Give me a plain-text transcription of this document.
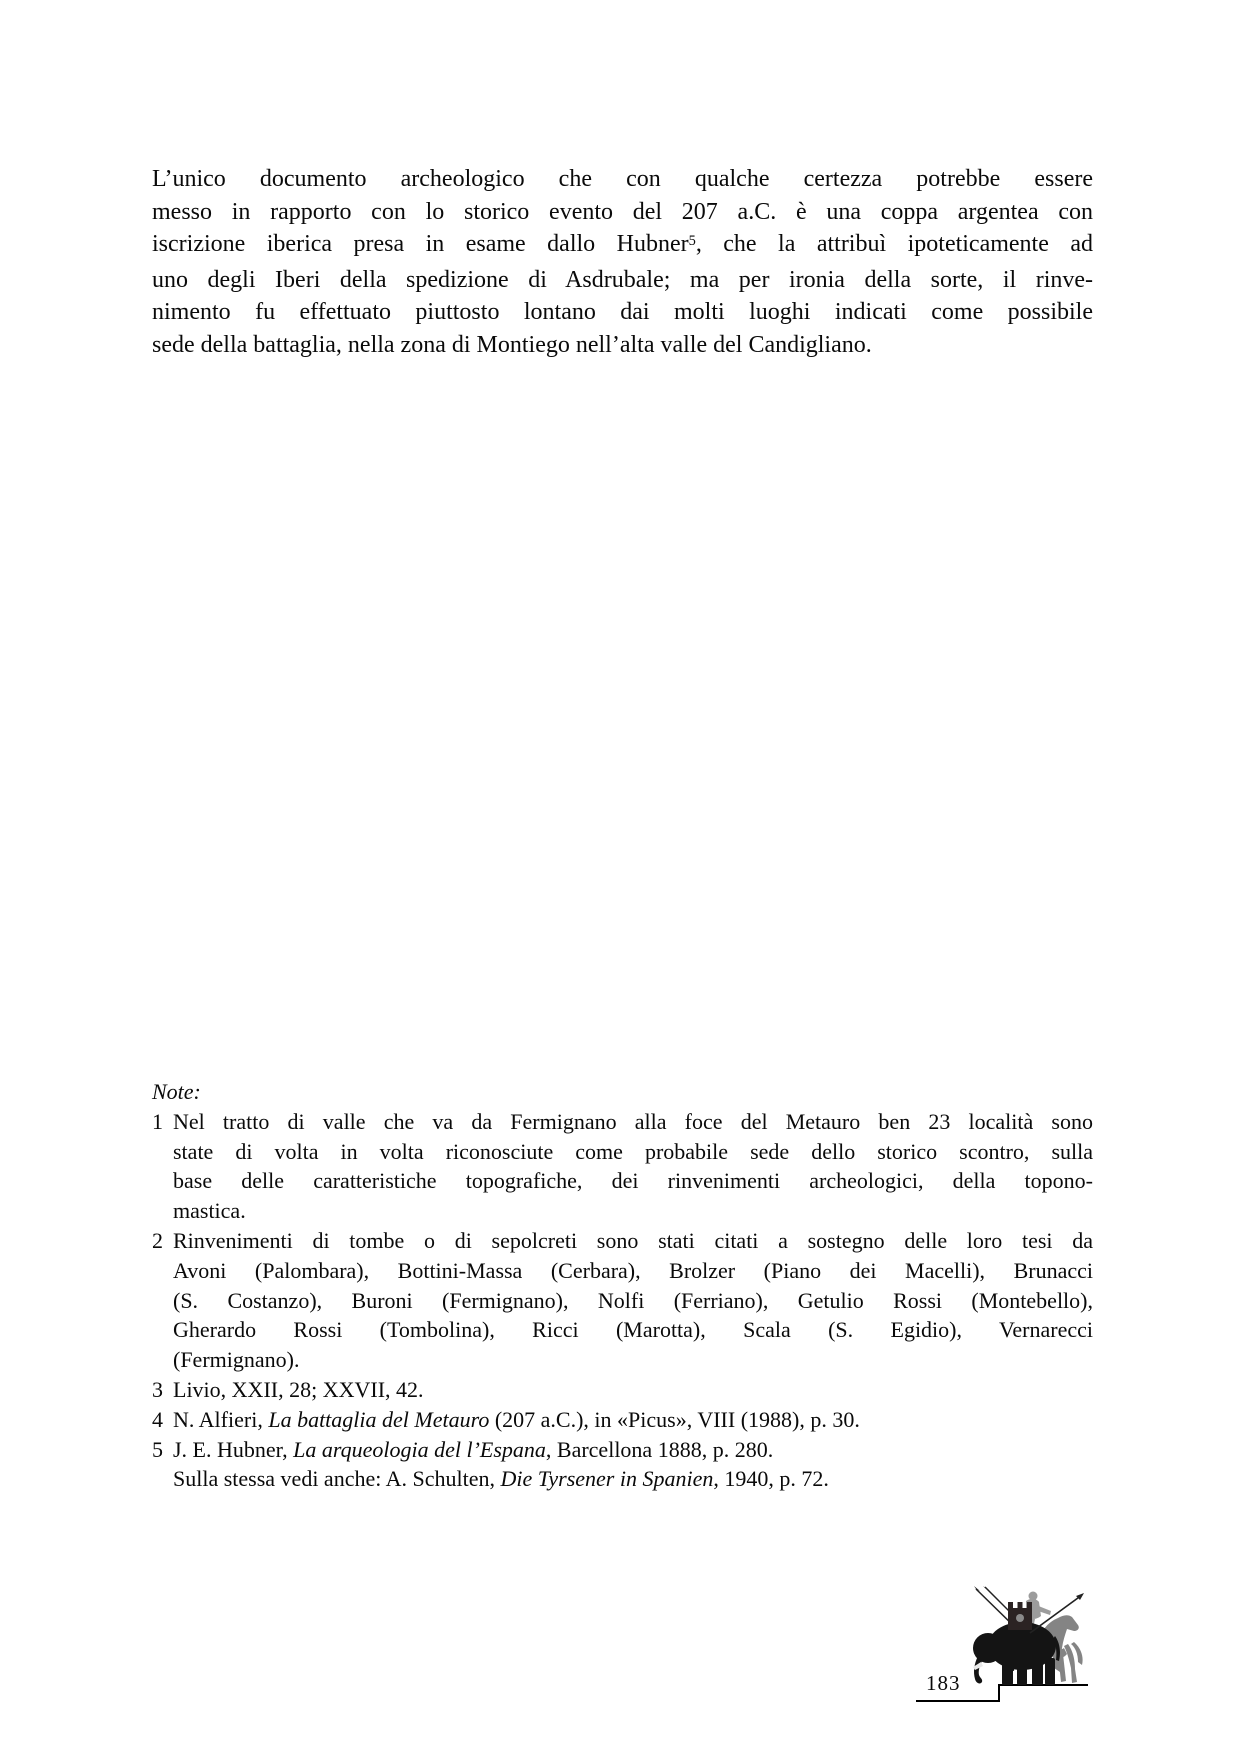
L’unico documento archeologico che con qualche certezza potrebbe essere
messo in rapporto con lo storico evento del 207 a.C. è una coppa argentea con
iscrizione iberica presa in esame dallo Hubner$^5$, che la attribuì ipoteticamente ad
uno degli Iberi della spedizione di Asdrubale; ma per ironia della sorte, il rinve-
nimento fu effettuato piuttosto lontano dai molti luoghi indicati come possibile
sede della battaglia, nella zona di Montiego nell’alta valle del Candigliano.
Note:
1 Nel tratto di valle che va da Fermignano alla foce del Metauro ben 23 località sono
state di volta in volta riconosciute come probabile sede dello storico scontro, sulla
base delle caratteristiche topografiche, dei rinvenimenti archeologici, della topono-
mastica.
2 Rinvenimenti di tombe o di sepolcreti sono stati citati a sostegno delle loro tesi da
Avoni (Palombara), Bottini-Massa (Cerbara), Brolzer (Piano dei Macelli), Brunacci
(S. Costanzo), Buroni (Fermignano), Nolfi (Ferriano), Getulio Rossi (Montebello),
Gherardo Rossi (Tombolina), Ricci (Marotta), Scala (S. Egidio), Vernarecci
(Fermignano).
3 Livio, XXII, 28; XXVII, 42.
4 N. Alfieri, La battaglia del Metauro (207 a.C.), in «Picus», VIII (1988), p. 30.
5 J. E. Hubner, La arqueologia del l’Espana, Barcellona 1888, p. 280.
Sulla stessa vedi anche: A. Schulten, Die Tyrsener in Spanien, 1940, p. 72.
183
